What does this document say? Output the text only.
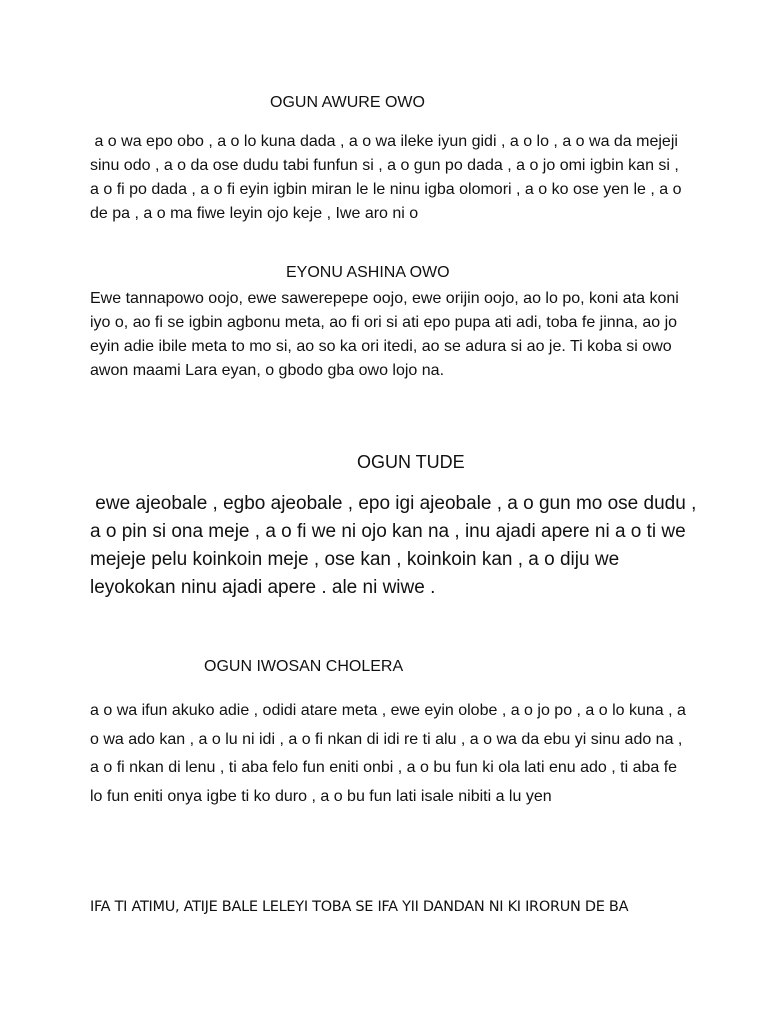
OGUN AWURE OWO
a o wa epo obo , a o lo kuna dada , a o wa ileke iyun gidi , a o lo , a o wa da mejeji sinu odo , a o da ose dudu tabi funfun si , a o gun po dada , a o jo omi igbin kan si , a o fi po dada , a o fi eyin igbin miran le le ninu igba olomori , a o ko ose yen le , a o de pa , a o ma fiwe leyin ojo keje , Iwe aro ni o
EYONU ASHINA OWO
Ewe tannapowo oojo, ewe sawerepepe oojo, ewe orijin oojo, ao lo po, koni ata koni iyo o, ao fi se igbin agbonu meta, ao fi ori si ati epo pupa ati adi, toba fe jinna, ao jo eyin adie ibile meta to mo si, ao so ka ori itedi, ao se adura si ao je. Ti koba si owo awon maami Lara eyan, o gbodo gba owo lojo na.
OGUN TUDE
ewe ajeobale , egbo ajeobale , epo igi ajeobale , a o gun mo ose dudu , a o pin si ona meje , a o fi we ni ojo kan na , inu ajadi apere ni a o ti we mejeje pelu koinkoin meje , ose kan , koinkoin kan , a o diju we leyokokan ninu ajadi apere . ale ni wiwe .
OGUN IWOSAN CHOLERA
a o wa ifun akuko adie , odidi atare meta , ewe eyin olobe , a o jo po , a o lo kuna , a o wa ado kan , a o lu ni idi , a o fi nkan di idi re ti alu , a o wa da ebu yi sinu ado na , a o fi nkan di lenu , ti aba felo fun eniti onbi , a o bu fun ki ola lati enu ado , ti aba fe lo fun eniti onya igbe ti ko duro , a o bu fun lati isale nibiti a lu yen
IFA TI ATIMU, ATIJE BALE LELEYI TOBA SE IFA YII DANDAN NI KI IRORUN DE BA
